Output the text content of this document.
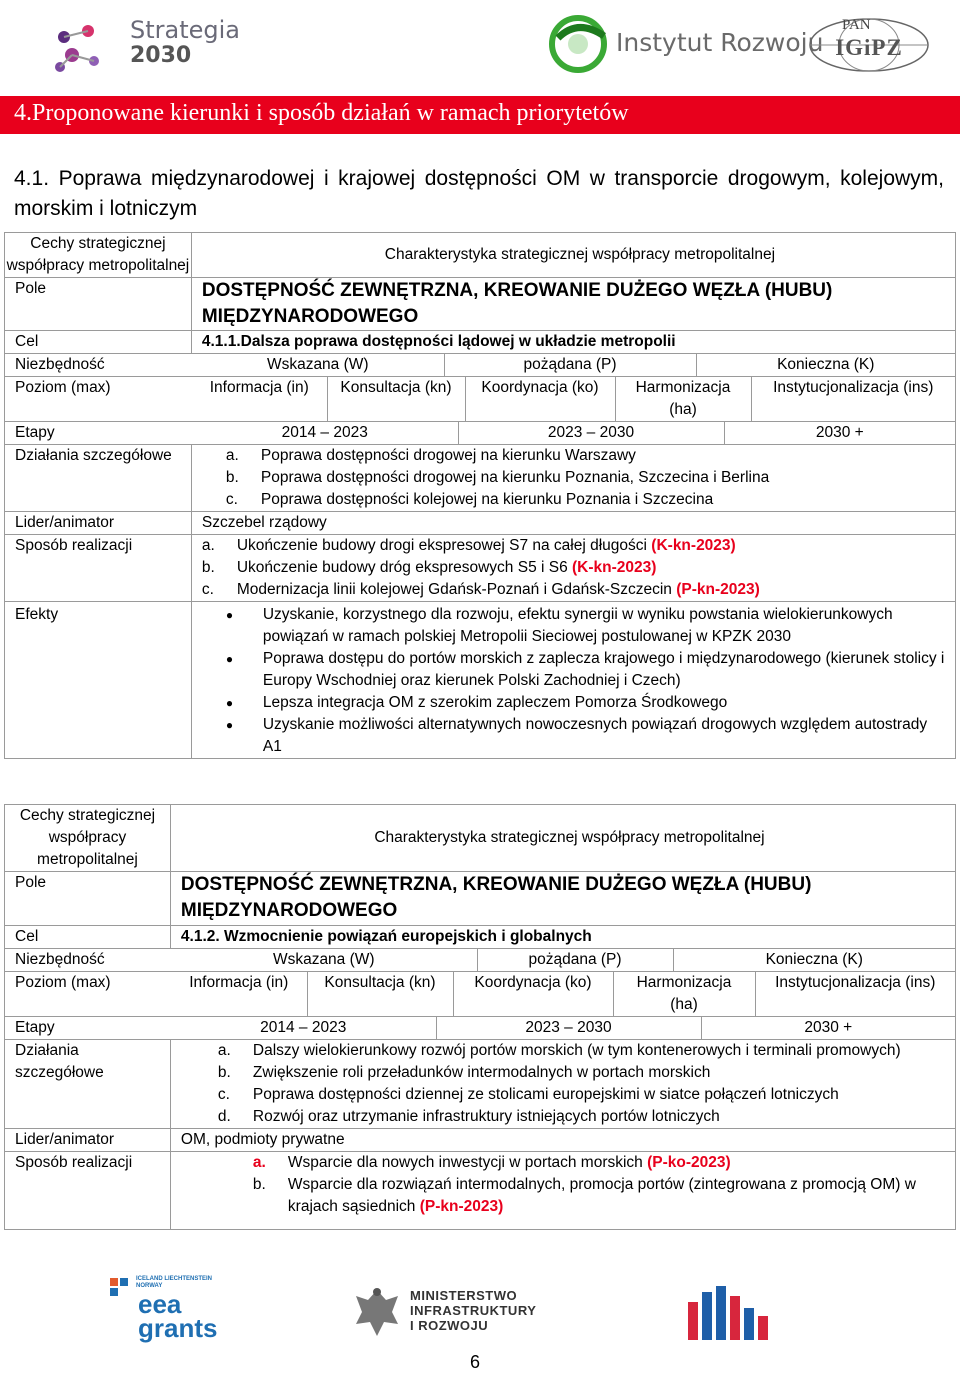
Strategia
2030	Instytut Rozwoju
PAN
IGiPZ
4.Proponowane kierunki i sposób działań w ramach priorytetów
4.1. Poprawa międzynarodowej i krajowej dostępności OM w transporcie drogowym, kolejowym, morskim i lotniczym
Cechy strategicznej współpracy metropolitalnej	Charakterystyka strategicznej współpracy metropolitalnej
Pole	DOSTĘPNOŚĆ ZEWNĘTRZNA, KREOWANIE DUŻEGO WĘZŁA (HUBU) MIĘDZYNARODOWEGO

Cel	4.1.1.Dalsza poprawa dostępności lądowej w układzie metropolii

Niezbędność	Wskazana (W)	pożądana (P)	Konieczna (K)

Poziom (max)	Informacja (in)	Konsultacja (kn)	Koordynacja (ko)	Harmonizacja (ha)	Instytucjonalizacja (ins)

Etapy	2014 – 2023	2023 – 2030	2030 +

Działania szczegółowe	a.	Poprawa dostępności drogowej na kierunku Warszawy
b.	Poprawa dostępności drogowej na kierunku Poznania, Szczecina i Berlina
c.	Poprawa dostępności kolejowej na kierunku Poznania i Szczecina

Lider/animator	Szczebel rządowy
Sposób realizacji	a.	Ukończenie budowy drogi ekspresowej S7 na całej długości (K-kn-2023)
b.	Ukończenie budowy dróg ekspresowych S5 i S6 (K-kn-2023)
c.	Modernizacja linii kolejowej Gdańsk-Poznań i Gdańsk-Szczecin (P-kn-2023)

Efekty	●	Uzyskanie, korzystnego dla rozwoju, efektu synergii w wyniku powstania wielokierunkowych powiązań w ramach polskiej Metropolii Sieciowej postulowanej w KPZK 2030
●	Poprawa dostępu do portów morskich z zaplecza krajowego i międzynarodowego (kierunek stolicy i Europy Wschodniej oraz kierunek Polski Zachodniej i Czech)
●	Lepsza integracja OM z szerokim zapleczem Pomorza Środkowego
●	Uzyskanie możliwości alternatywnych nowoczesnych powiązań drogowych względem autostrady A1
Cechy strategicznej współpracy metropolitalnej	Charakterystyka strategicznej współpracy metropolitalnej
Pole	DOSTĘPNOŚĆ ZEWNĘTRZNA, KREOWANIE DUŻEGO WĘZŁA (HUBU) MIĘDZYNARODOWEGO

Cel	4.1.2. Wzmocnienie powiązań europejskich i globalnych

Niezbędność	Wskazana (W)	pożądana (P)	Konieczna (K)

Poziom (max)	Informacja (in)	Konsultacja (kn)	Koordynacja (ko)	Harmonizacja (ha)	Instytucjonalizacja (ins)

Etapy	2014 – 2023	2023 – 2030	2030 +

Działania szczegółowe	
a.	Dalszy wielokierunkowy rozwój portów morskich (w tym kontenerowych i terminali promowych)
b.	Zwiększenie roli przeładunków intermodalnych w portach morskich
c.	Poprawa dostępności dziennej ze stolicami europejskimi w siatce połączeń lotniczych
d.	Rozwój oraz utrzymanie infrastruktury istniejących portów lotniczych

Lider/animator	OM, podmioty prywatne
Sposób realizacji	a.	Wsparcie dla nowych inwestycji w portach morskich (P-ko-2023)
b.	Wsparcie dla rozwiązań intermodalnych, promocja portów (zintegrowana z promocją OM) w krajach sąsiednich (P-kn-2023)
ICELAND LIECHTENSTEIN NORWAY
eea
grants
MINISTERSTWO
INFRASTRUKTURY
I ROZWOJU
6
